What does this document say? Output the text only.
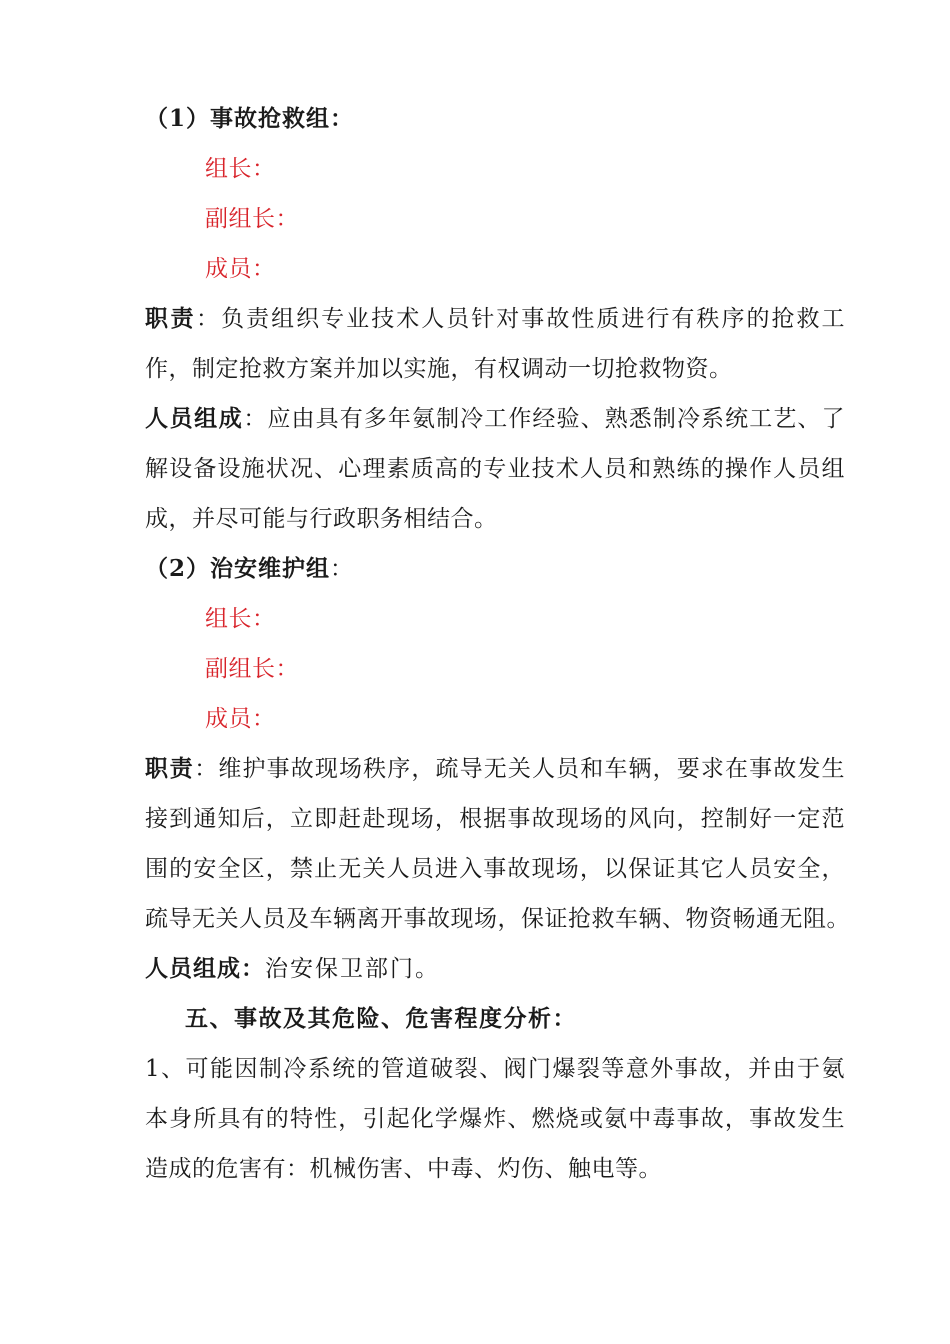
（1）事故抢救组：
组长：
副组长：
成员：
职责：负责组织专业技术人员针对事故性质进行有秩序的抢救工
作，制定抢救方案并加以实施，有权调动一切抢救物资。
人员组成：应由具有多年氨制冷工作经验、熟悉制冷系统工艺、了
解设备设施状况、心理素质高的专业技术人员和熟练的操作人员组
成，并尽可能与行政职务相结合。
（2）治安维护组：
组长：
副组长：
成员：
职责：维护事故现场秩序，疏导无关人员和车辆，要求在事故发生
接到通知后，立即赶赴现场，根据事故现场的风向，控制好一定范
围的安全区，禁止无关人员进入事故现场，以保证其它人员安全，
疏导无关人员及车辆离开事故现场，保证抢救车辆、物资畅通无阻。
人员组成：治安保卫部门。
五、事故及其危险、危害程度分析：
1、可能因制冷系统的管道破裂、阀门爆裂等意外事故，并由于氨
本身所具有的特性，引起化学爆炸、燃烧或氨中毒事故，事故发生
造成的危害有：机械伤害、中毒、灼伤、触电等。
